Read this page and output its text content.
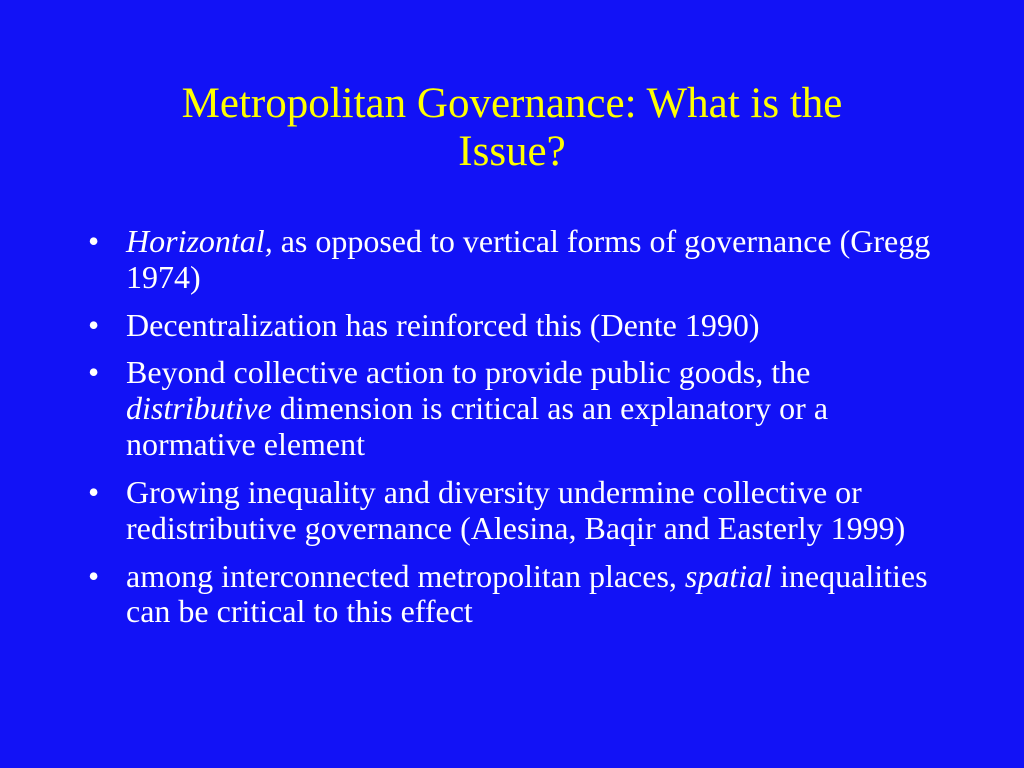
Metropolitan Governance: What is the
Issue?
• Horizontal, as opposed to vertical forms of governance (Gregg 1974)
• Decentralization has reinforced this (Dente 1990)
• Beyond collective action to provide public goods, the distributive dimension is critical as an explanatory or a normative element
• Growing inequality and diversity undermine collective or redistributive governance (Alesina, Baqir and Easterly 1999)
• among interconnected metropolitan places, spatial inequalities can be critical to this effect
